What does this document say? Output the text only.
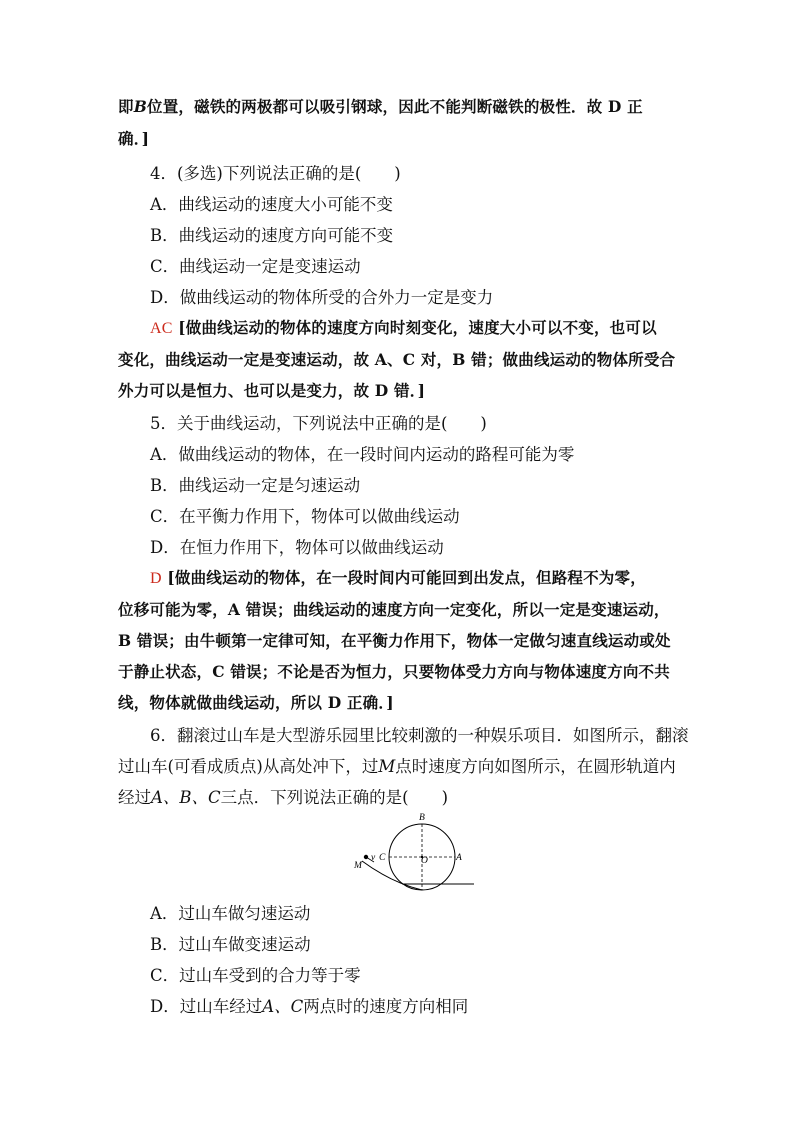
即B位置，磁铁的两极都可以吸引钢球，因此不能判断磁铁的极性．故 D 正
确．]
4．(多选)下列说法正确的是(　　)
A．曲线运动的速度大小可能不变
B．曲线运动的速度方向可能不变
C．曲线运动一定是变速运动
D．做曲线运动的物体所受的合外力一定是变力
AC [做曲线运动的物体的速度方向时刻变化，速度大小可以不变，也可以
变化，曲线运动一定是变速运动，故 A、C 对，B 错；做曲线运动的物体所受合
外力可以是恒力、也可以是变力，故 D 错．]
5．关于曲线运动，下列说法中正确的是(　　)
A．做曲线运动的物体，在一段时间内运动的路程可能为零
B．曲线运动一定是匀速运动
C．在平衡力作用下，物体可以做曲线运动
D．在恒力作用下，物体可以做曲线运动
D [做曲线运动的物体，在一段时间内可能回到出发点，但路程不为零，
位移可能为零，A 错误；曲线运动的速度方向一定变化，所以一定是变速运动，
B 错误；由牛顿第一定律可知，在平衡力作用下，物体一定做匀速直线运动或处
于静止状态，C 错误；不论是否为恒力，只要物体受力方向与物体速度方向不共
线，物体就做曲线运动，所以 D 正确．]
6．翻滚过山车是大型游乐园里比较刺激的一种娱乐项目．如图所示，翻滚
过山车(可看成质点)从高处冲下，过M点时速度方向如图所示，在圆形轨道内
经过A、B、C三点．下列说法正确的是(　　)
B
C	O	A
M
v
A．过山车做匀速运动
B．过山车做变速运动
C．过山车受到的合力等于零
D．过山车经过A、C两点时的速度方向相同
